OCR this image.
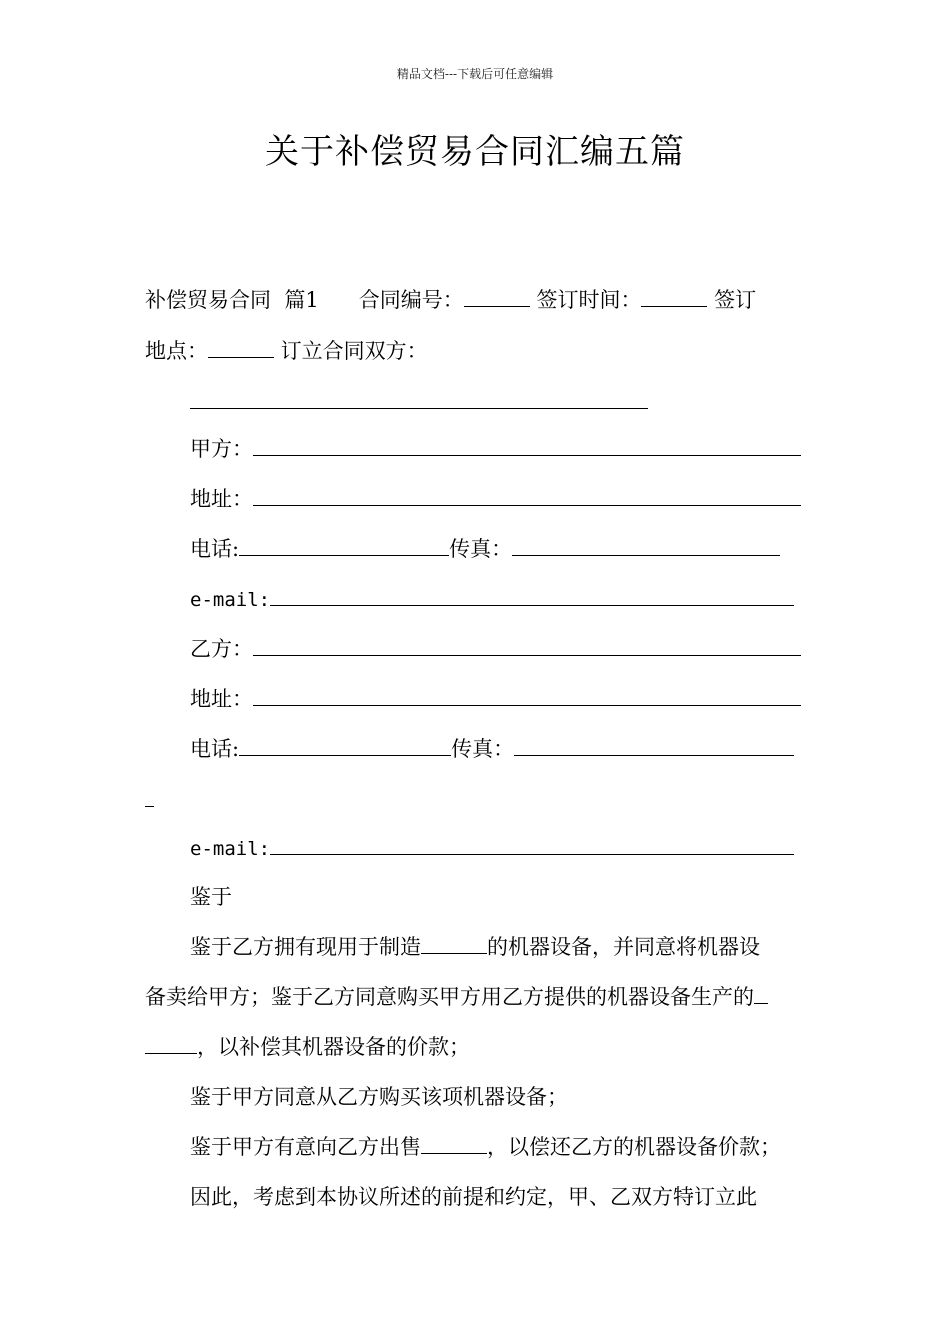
精品文档---下载后可任意编辑
关于补偿贸易合同汇编五篇
补偿贸易合同  篇1      合同编号：	签订时间：	签订
地点：	订立合同双方：
甲方：
地址：
电话:	传真：
e-mail:
乙方：
地址：
电话:	传真：
e-mail:
鉴于
鉴于乙方拥有现用于制造	的机器设备，并同意将机器设
备卖给甲方；鉴于乙方同意购买甲方用乙方提供的机器设备生产的
，以补偿其机器设备的价款；
鉴于甲方同意从乙方购买该项机器设备；
鉴于甲方有意向乙方出售	，以偿还乙方的机器设备价款；
因此，考虑到本协议所述的前提和约定，甲、乙双方特订立此
